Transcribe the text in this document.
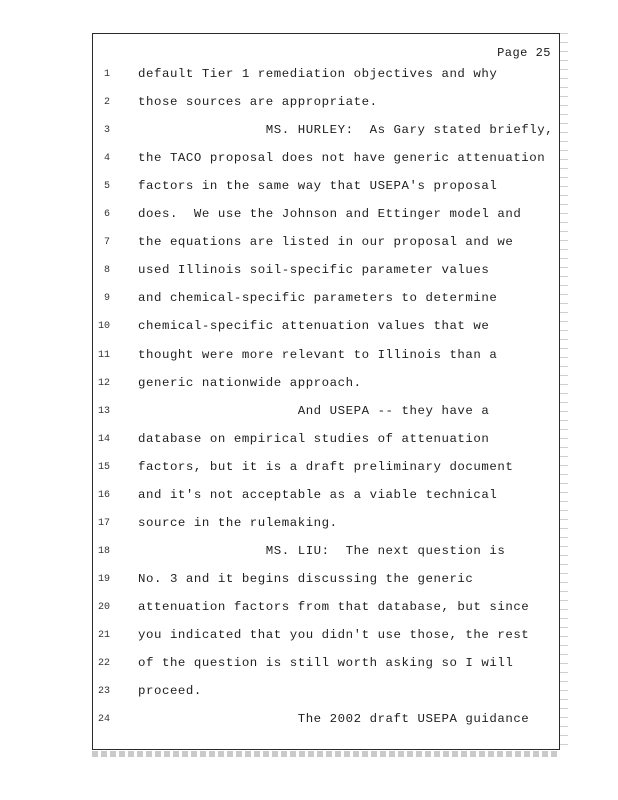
Page 25
1 default Tier 1 remediation objectives and why
2 those sources are appropriate.
3 MS. HURLEY:  As Gary stated briefly,
4 the TACO proposal does not have generic attenuation
5 factors in the same way that USEPA's proposal
6 does.  We use the Johnson and Ettinger model and
7 the equations are listed in our proposal and we
8 used Illinois soil-specific parameter values
9 and chemical-specific parameters to determine
10 chemical-specific attenuation values that we
11 thought were more relevant to Illinois than a
12 generic nationwide approach.
13 And USEPA -- they have a
14 database on empirical studies of attenuation
15 factors, but it is a draft preliminary document
16 and it's not acceptable as a viable technical
17 source in the rulemaking.
18 MS. LIU:  The next question is
19 No. 3 and it begins discussing the generic
20 attenuation factors from that database, but since
21 you indicated that you didn't use those, the rest
22 of the question is still worth asking so I will
23 proceed.
24 The 2002 draft USEPA guidance
